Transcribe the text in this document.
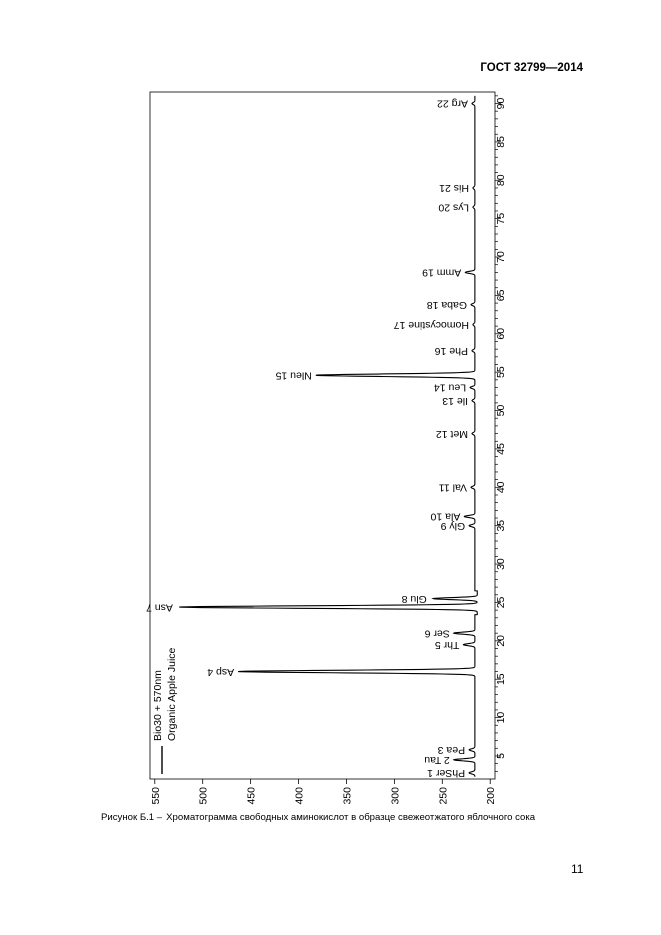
ГОСТ 32799—2014
550	500	450	400	350	300	250	200
5
10
15
20
25
30
35
40
45
50
55
60
65
70
75
80
85
90
Bio30 + 570nm Organic Apple Juice
PhSer 1
2 Tau
Pea 3
Asp 4
Thr 5
Ser 6
Asn 7
Glu 8
Gly 9
Ala 10
Val 11
Met 12
Ile 13
Leu 14
Nleu 15
Phe 16
Homocystine 17
Gaba 18
Amm 19
Lys 20
His 21
Arg 22
Рисунок Б.1 – Хроматограмма свободных аминокислот в образце свежеотжатого яблочного сока
11
